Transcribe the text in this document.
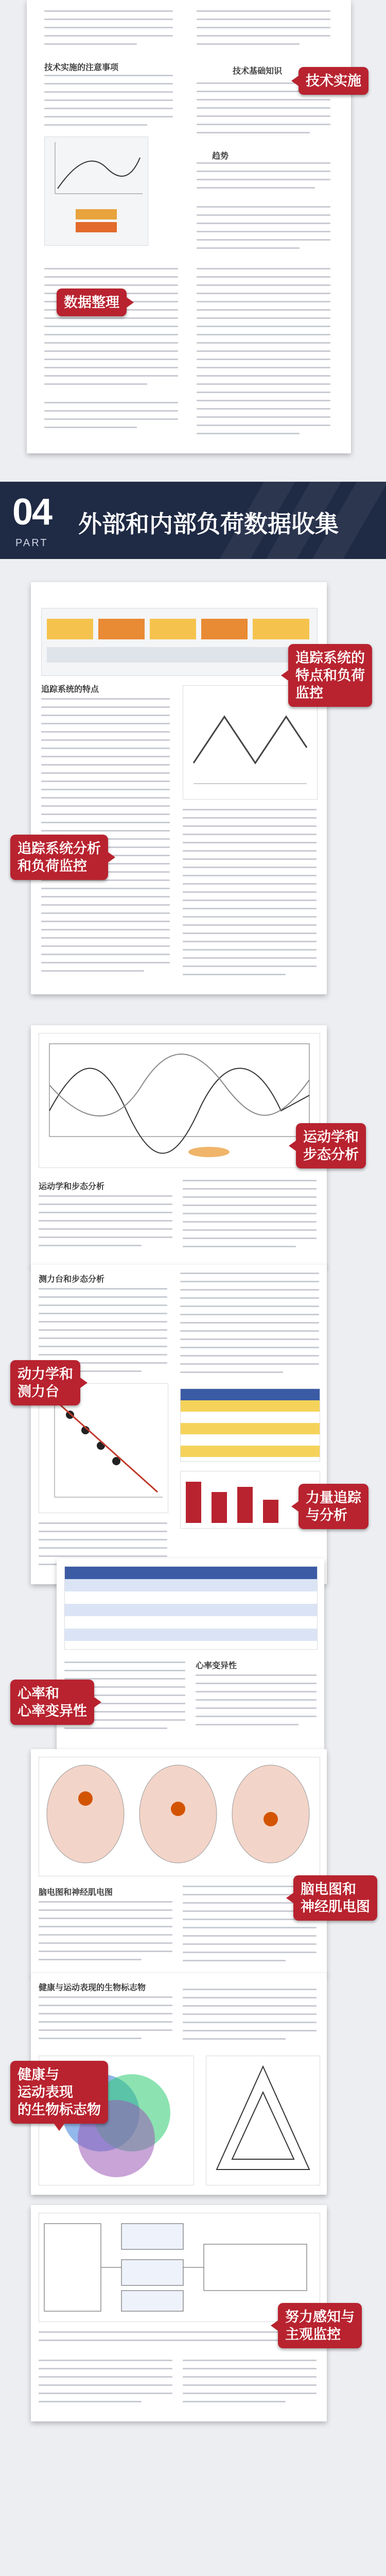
技术实施的注意事项	技术基础知识
趋势
技术实施
数据整理
04
PART
外部和内部负荷数据收集
追踪系统的特点
追踪系统的
特点和负荷
监控
追踪系统分析
和负荷监控
运动学和步态分析
运动学和
步态分析
测力台和步态分析
动力学和
测力台
力量追踪
与分析
心率变异性
心率和
心率变异性
脑电图和神经肌电图	脑电图和
神经肌电图
健康与运动表现的生物标志物
健康与
运动表现
的生物标志物
努力感知与
主观监控
